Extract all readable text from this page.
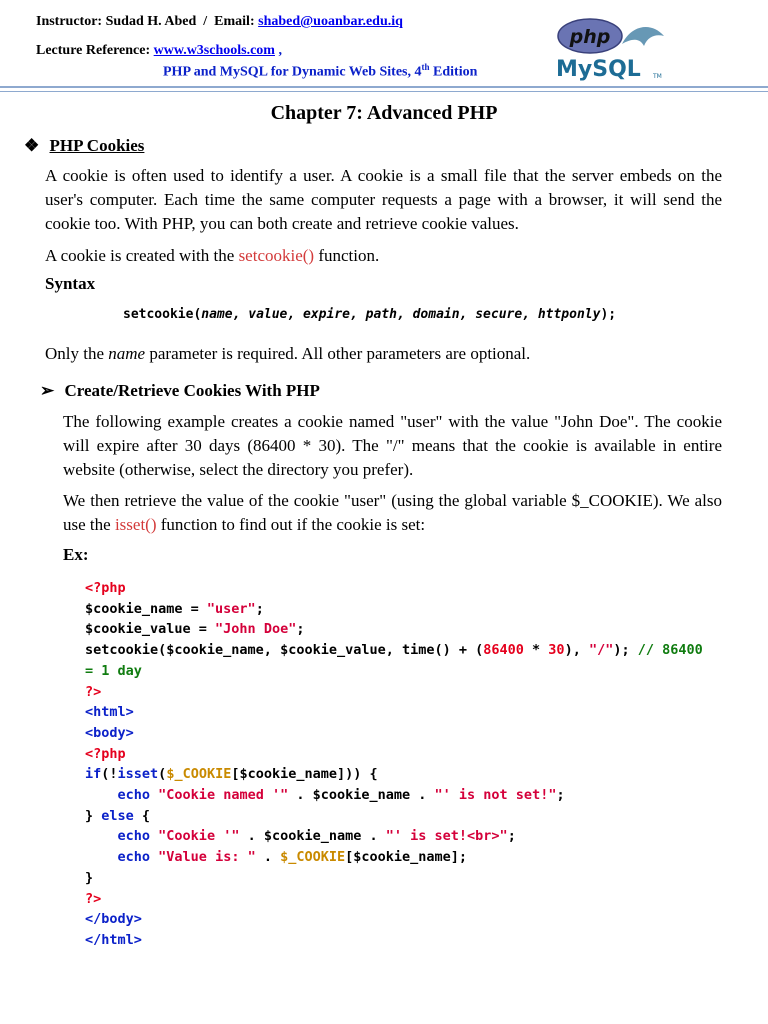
Instructor: Sudad H. Abed / Email: shabed@uoanbar.edu.iq
Lecture Reference: www.w3schools.com ,
PHP and MySQL for Dynamic Web Sites, 4th Edition
php
MySQL TM
Chapter 7: Advanced PHP
❖ PHP Cookies
A cookie is often used to identify a user. A cookie is a small file that the server embeds on the user's computer. Each time the same computer requests a page with a browser, it will send the cookie too. With PHP, you can both create and retrieve cookie values.
A cookie is created with the setcookie() function.
Syntax
setcookie(name, value, expire, path, domain, secure, httponly);
Only the name parameter is required. All other parameters are optional.
➢ Create/Retrieve Cookies With PHP
The following example creates a cookie named "user" with the value "John Doe". The cookie will expire after 30 days (86400 * 30). The "/" means that the cookie is available in entire website (otherwise, select the directory you prefer).
We then retrieve the value of the cookie "user" (using the global variable $_COOKIE). We also use the isset() function to find out if the cookie is set:
Ex:
<?php
$cookie_name = "user";
$cookie_value = "John Doe";
setcookie($cookie_name, $cookie_value, time() + (86400 * 30), "/"); // 86400
= 1 day
?>
<html>
<body>
<?php
if(!isset($_COOKIE[$cookie_name])) {
echo "Cookie named '" . $cookie_name . "' is not set!";
} else {
echo "Cookie '" . $cookie_name . "' is set!<br>";
echo "Value is: " . $_COOKIE[$cookie_name];
}
?>
</body>
</html>
